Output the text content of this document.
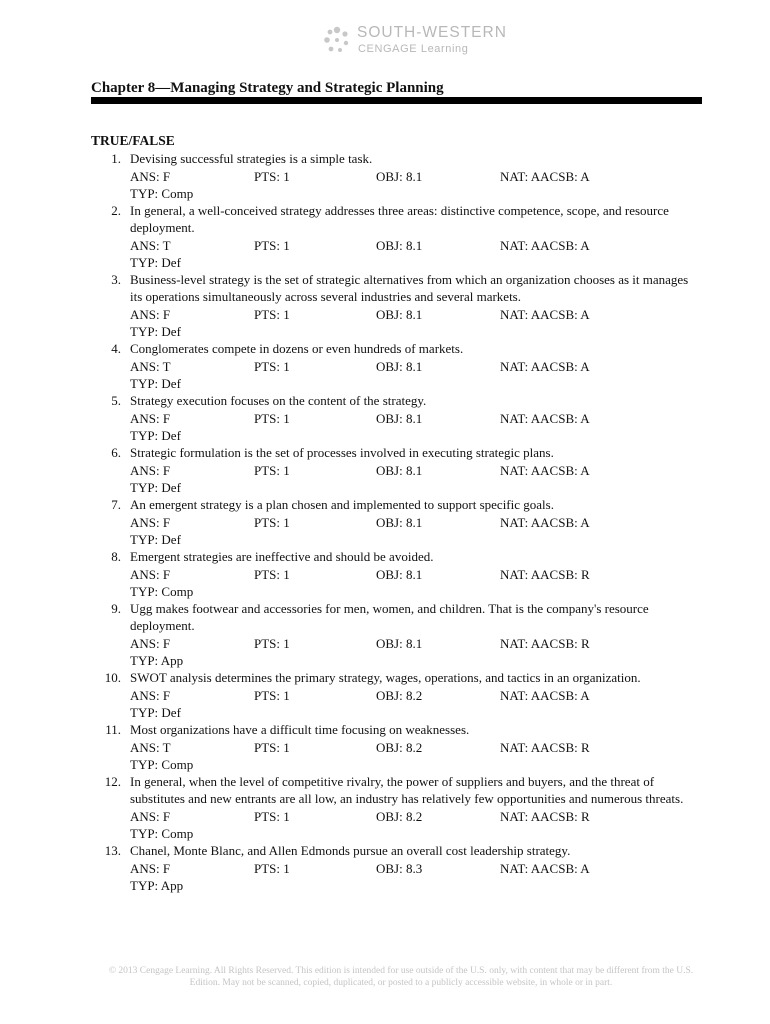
SOUTH-WESTERN
CENGAGE Learning
Chapter 8—Managing Strategy and Strategic Planning
TRUE/FALSE
1. Devising successful strategies is a simple task.
ANS: F	PTS: 1	OBJ: 8.1	NAT: AACSB: A
TYP: Comp
2. In general, a well-conceived strategy addresses three areas: distinctive competence, scope, and resource deployment.
ANS: T	PTS: 1	OBJ: 8.1	NAT: AACSB: A
TYP: Def
3. Business-level strategy is the set of strategic alternatives from which an organization chooses as it manages its operations simultaneously across several industries and several markets.
ANS: F	PTS: 1	OBJ: 8.1	NAT: AACSB: A
TYP: Def
4. Conglomerates compete in dozens or even hundreds of markets.
ANS: T	PTS: 1	OBJ: 8.1	NAT: AACSB: A
TYP: Def
5. Strategy execution focuses on the content of the strategy.
ANS: F	PTS: 1	OBJ: 8.1	NAT: AACSB: A
TYP: Def
6. Strategic formulation is the set of processes involved in executing strategic plans.
ANS: F	PTS: 1	OBJ: 8.1	NAT: AACSB: A
TYP: Def
7. An emergent strategy is a plan chosen and implemented to support specific goals.
ANS: F	PTS: 1	OBJ: 8.1	NAT: AACSB: A
TYP: Def
8. Emergent strategies are ineffective and should be avoided.
ANS: F	PTS: 1	OBJ: 8.1	NAT: AACSB: R
TYP: Comp
9. Ugg makes footwear and accessories for men, women, and children. That is the company's resource deployment.
ANS: F	PTS: 1	OBJ: 8.1	NAT: AACSB: R
TYP: App
10. SWOT analysis determines the primary strategy, wages, operations, and tactics in an organization.
ANS: F	PTS: 1	OBJ: 8.2	NAT: AACSB: A
TYP: Def
11. Most organizations have a difficult time focusing on weaknesses.
ANS: T	PTS: 1	OBJ: 8.2	NAT: AACSB: R
TYP: Comp
12. In general, when the level of competitive rivalry, the power of suppliers and buyers, and the threat of substitutes and new entrants are all low, an industry has relatively few opportunities and numerous threats.
ANS: F	PTS: 1	OBJ: 8.2	NAT: AACSB: R
TYP: Comp
13. Chanel, Monte Blanc, and Allen Edmonds pursue an overall cost leadership strategy.
ANS: F	PTS: 1	OBJ: 8.3	NAT: AACSB: A
TYP: App
© 2013 Cengage Learning. All Rights Reserved. This edition is intended for use outside of the U.S. only, with content that may be different from the U.S. Edition. May not be scanned, copied, duplicated, or posted to a publicly accessible website, in whole or in part.
